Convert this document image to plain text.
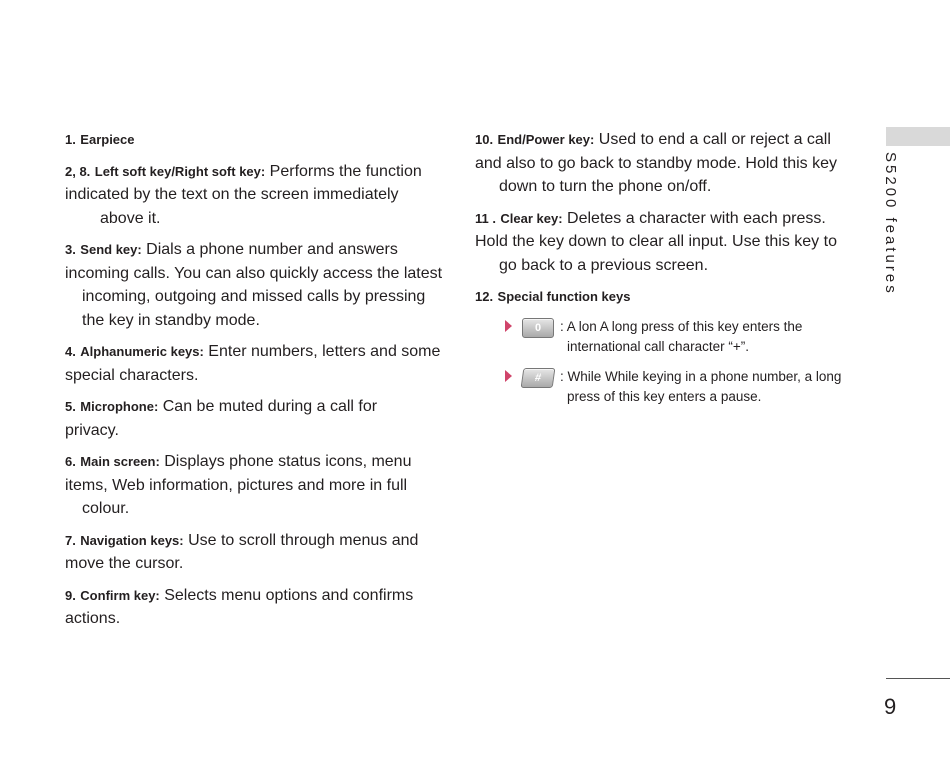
1. Earpiece
2, 8. Left soft key/Right soft key: Performs the function
indicated by the text on the screen immediately above it.
3. Send key: Dials a phone number and answers
incoming calls. You can also quickly access the latest incoming, outgoing and missed calls by pressing the key in standby mode.
4. Alphanumeric keys: Enter numbers, letters and some
special characters.
5. Microphone: Can be muted during a call for
privacy.
6. Main screen: Displays phone status icons, menu
items, Web information, pictures and more in full colour.
7. Navigation keys: Use to scroll through menus and
move the cursor.
9. Confirm key: Selects menu options and confirms
actions.
10. End/Power key: Used to end a call or reject a call
and also to go back to standby mode. Hold this key down to turn the phone on/off.
11 . Clear key: Deletes a character with each press.
Hold the key down to clear all input. Use this key to go back to a previous screen.
12. Special function keys
0	: A lon A long press of this key enters the
international call character “+”.
#	: While While keying in a phone number, a long
press of this key enters a pause.
S5200 features
9
